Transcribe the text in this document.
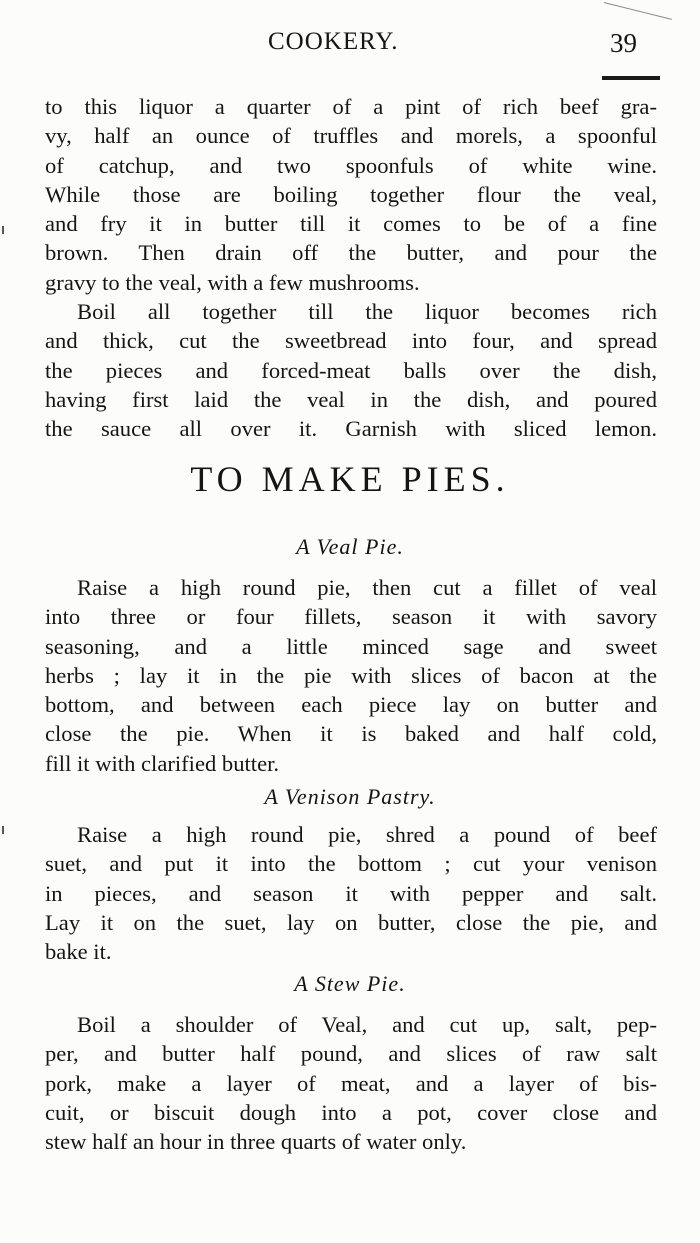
COOKERY.	39
to this liquor a quarter of a pint of rich beef gra-
vy, half an ounce of truffles and morels, a spoonful
of catchup, and two spoonfuls of white wine.
While those are boiling together flour the veal,
and fry it in butter till it comes to be of a fine
brown. Then drain off the butter, and pour the
gravy to the veal, with a few mushrooms.
Boil all together till the liquor becomes rich
and thick, cut the sweetbread into four, and spread
the pieces and forced-meat balls over the dish,
having first laid the veal in the dish, and poured
the sauce all over it. Garnish with sliced lemon.
TO MAKE PIES.
A Veal Pie.
Raise a high round pie, then cut a fillet of veal
into three or four fillets, season it with savory
seasoning, and a little minced sage and sweet
herbs ; lay it in the pie with slices of bacon at the
bottom, and between each piece lay on butter and
close the pie. When it is baked and half cold,
fill it with clarified butter.
A Venison Pastry.
Raise a high round pie, shred a pound of beef
suet, and put it into the bottom ; cut your venison
in pieces, and season it with pepper and salt.
Lay it on the suet, lay on butter, close the pie, and
bake it.
A Stew Pie.
Boil a shoulder of Veal, and cut up, salt, pep-
per, and butter half pound, and slices of raw salt
pork, make a layer of meat, and a layer of bis-
cuit, or biscuit dough into a pot, cover close and
stew half an hour in three quarts of water only.
